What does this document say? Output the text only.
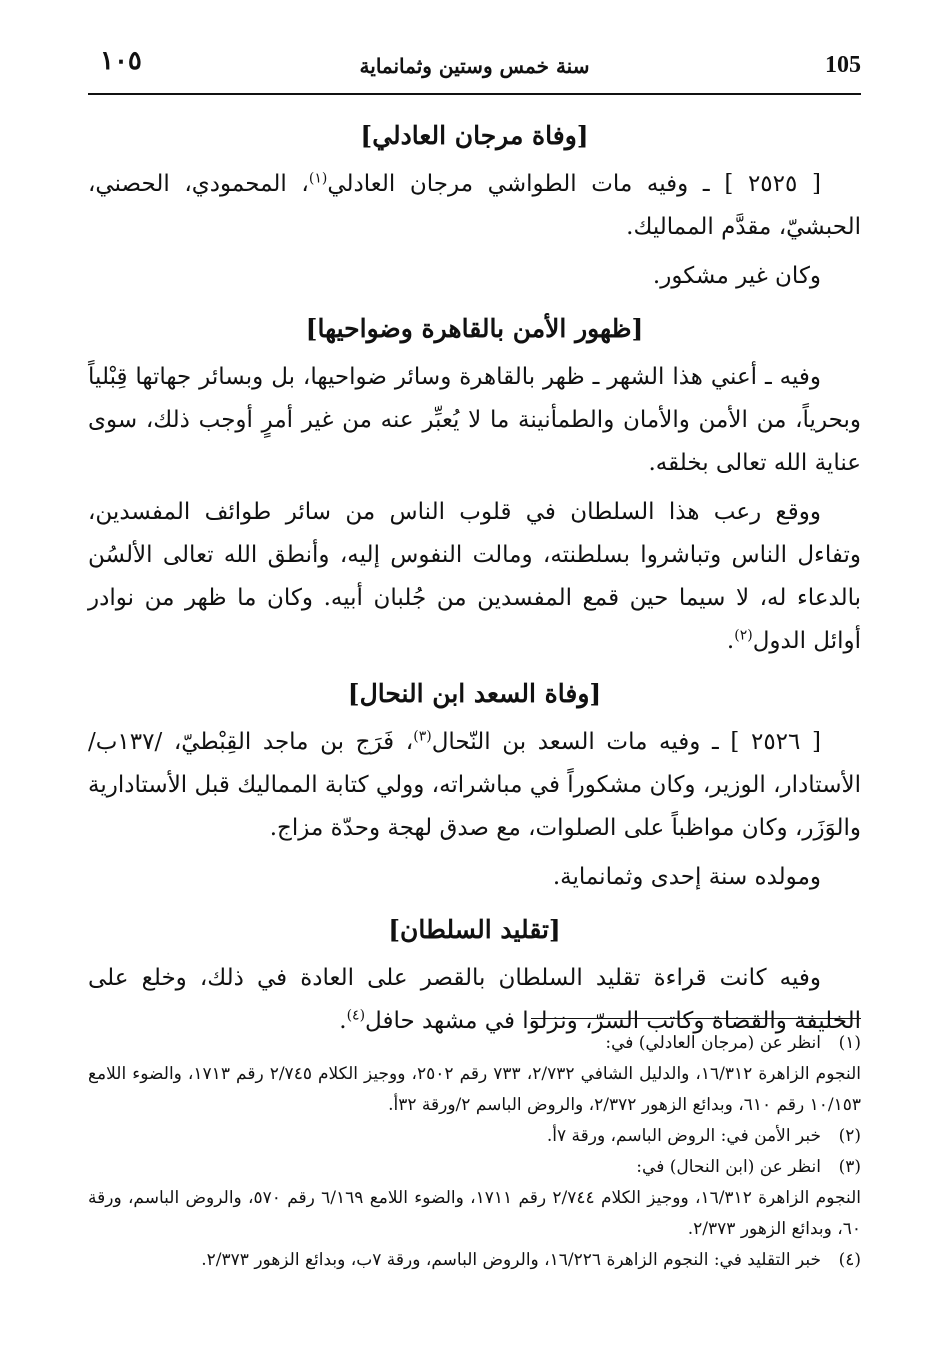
105
سنة خمس وستين وثمانماية
١٠٥
[وفاة مرجان العادلي]

[ ٢٥٢٥ ] ـ وفيه مات الطواشي مرجان العادلي$^{(١)}$، المحمودي، الحصني، الحبشيّ، مقدَّم المماليك.

وكان غير مشكور.

[ظهور الأمن بالقاهرة وضواحيها]

وفيه ـ أعني هذا الشهر ـ ظهر بالقاهرة وسائر ضواحيها، بل وبسائر جهاتها قِبْلياً وبحرياً، من الأمن والأمان والطمأنينة ما لا يُعبِّر عنه من غير أمرٍ أوجب ذلك، سوى عناية الله تعالى بخلقه.

ووقع رعب هذا السلطان في قلوب الناس من سائر طوائف المفسدين، وتفاءل الناس وتباشروا بسلطنته، ومالت النفوس إليه، وأنطق الله تعالى الألسُن بالدعاء له، لا سيما حين قمع المفسدين من جُلبان أبيه. وكان ما ظهر من نوادر أوائل الدول$^{(٢)}$.

[وفاة السعد ابن النحال]

[ ٢٥٢٦ ] ـ وفيه مات السعد بن النّحال$^{(٣)}$، فَرَج بن ماجد القِبْطيّ، /١٣٧ب/ الأستادار، الوزير، وكان مشكوراً في مباشراته، وولي كتابة المماليك قبل الأستادارية والوَزَر، وكان مواظباً على الصلوات، مع صدق لهجة وحدّة مزاج.

ومولده سنة إحدى وثمانماية.

[تقليد السلطان]

وفيه كانت قراءة تقليد السلطان بالقصر على العادة في ذلك، وخلع على الخليفة والقضاة وكاتب السرّ، ونزلوا في مشهد حافل$^{(٤)}$.

(١)انظر عن (مرجان العادلي) في:

النجوم الزاهرة ١٦/٣١٢، والدليل الشافي ٢/٧٣٢، ٧٣٣ رقم ٢٥٠٢، ووجيز الكلام ٢/٧٤٥ رقم ١٧١٣، والضوء اللامع ١٠/١٥٣ رقم ٦١٠، وبدائع الزهور ٢/٣٧٢، والروض الباسم ٢/ورقة ٣٢أ.

(٢)خبر الأمن في: الروض الباسم، ورقة ٧أ.

(٣)انظر عن (ابن النحال) في:

النجوم الزاهرة ١٦/٣١٢، ووجيز الكلام ٢/٧٤٤ رقم ١٧١١، والضوء اللامع ٦/١٦٩ رقم ٥٧٠، والروض الباسم، ورقة ٦٠، وبدائع الزهور ٢/٣٧٣.

(٤)خبر التقليد في: النجوم الزاهرة ١٦/٢٢٦، والروض الباسم، ورقة ٧ب، وبدائع الزهور ٢/٣٧٣.
